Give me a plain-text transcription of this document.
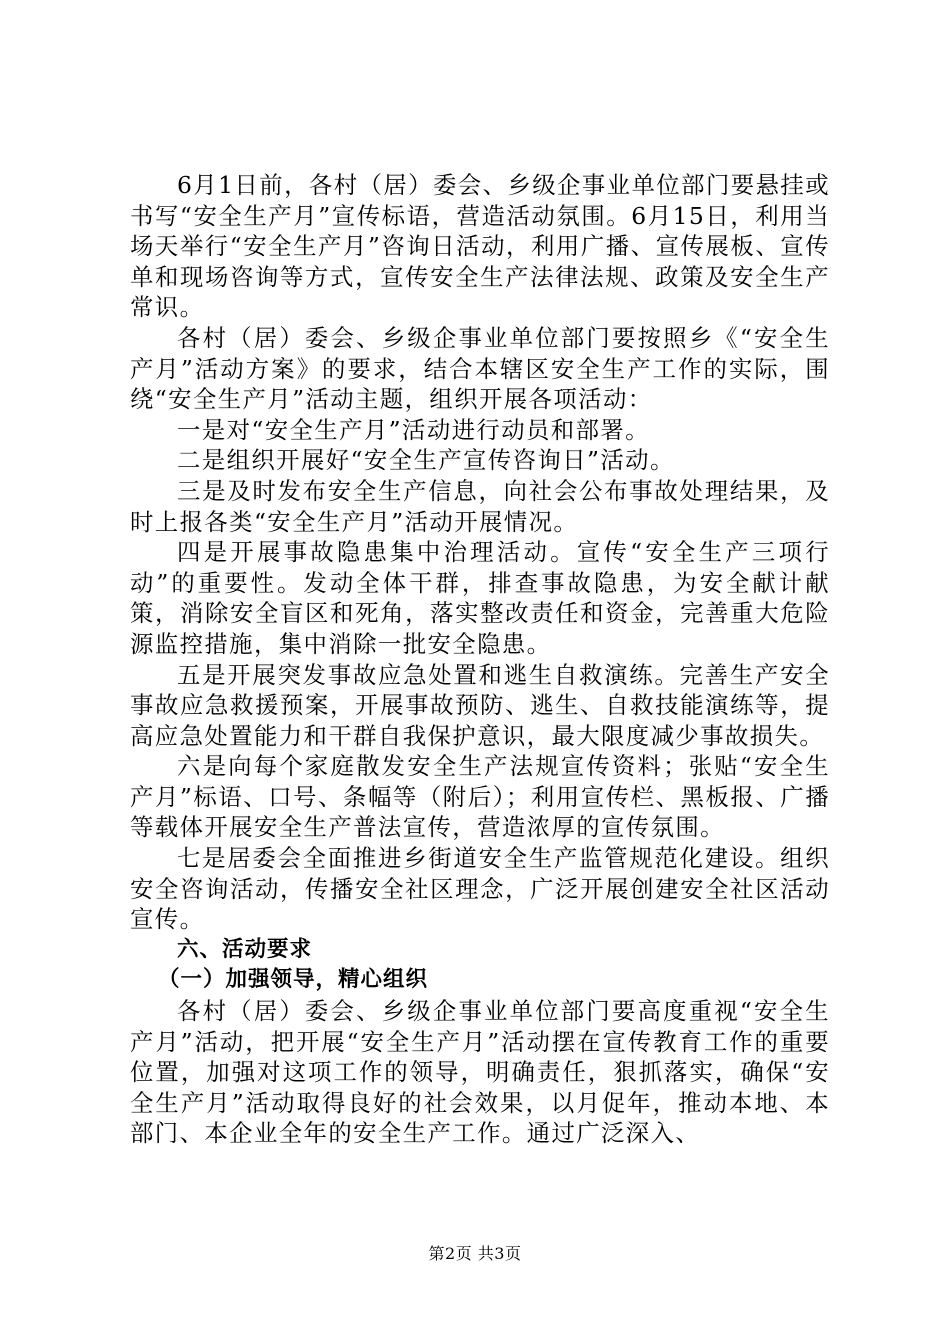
6月1日前，各村（居）委会、乡级企事业单位部门要悬挂或书写“安全生产月”宣传标语，营造活动氛围。6月15日，利用当场天举行“安全生产月”咨询日活动，利用广播、宣传展板、宣传单和现场咨询等方式，宣传安全生产法律法规、政策及安全生产常识。

各村（居）委会、乡级企事业单位部门要按照乡《“安全生产月”活动方案》的要求，结合本辖区安全生产工作的实际，围绕“安全生产月”活动主题，组织开展各项活动：

一是对“安全生产月”活动进行动员和部署。

二是组织开展好“安全生产宣传咨询日”活动。

三是及时发布安全生产信息，向社会公布事故处理结果，及时上报各类“安全生产月”活动开展情况。

四是开展事故隐患集中治理活动。宣传“安全生产三项行动”的重要性。发动全体干群，排查事故隐患，为安全献计献策，消除安全盲区和死角，落实整改责任和资金，完善重大危险源监控措施，集中消除一批安全隐患。

五是开展突发事故应急处置和逃生自救演练。完善生产安全事故应急救援预案，开展事故预防、逃生、自救技能演练等，提高应急处置能力和干群自我保护意识，最大限度减少事故损失。

六是向每个家庭散发安全生产法规宣传资料；张贴“安全生产月”标语、口号、条幅等（附后）；利用宣传栏、黑板报、广播等载体开展安全生产普法宣传，营造浓厚的宣传氛围。

七是居委会全面推进乡街道安全生产监管规范化建设。组织安全咨询活动，传播安全社区理念，广泛开展创建安全社区活动宣传。

六、活动要求

（一）加强领导，精心组织

各村（居）委会、乡级企事业单位部门要高度重视“安全生产月”活动，把开展“安全生产月”活动摆在宣传教育工作的重要位置，加强对这项工作的领导，明确责任，狠抓落实，确保“安全生产月”活动取得良好的社会效果，以月促年，推动本地、本部门、本企业全年的安全生产工作。通过广泛深入、

第2页 共3页
